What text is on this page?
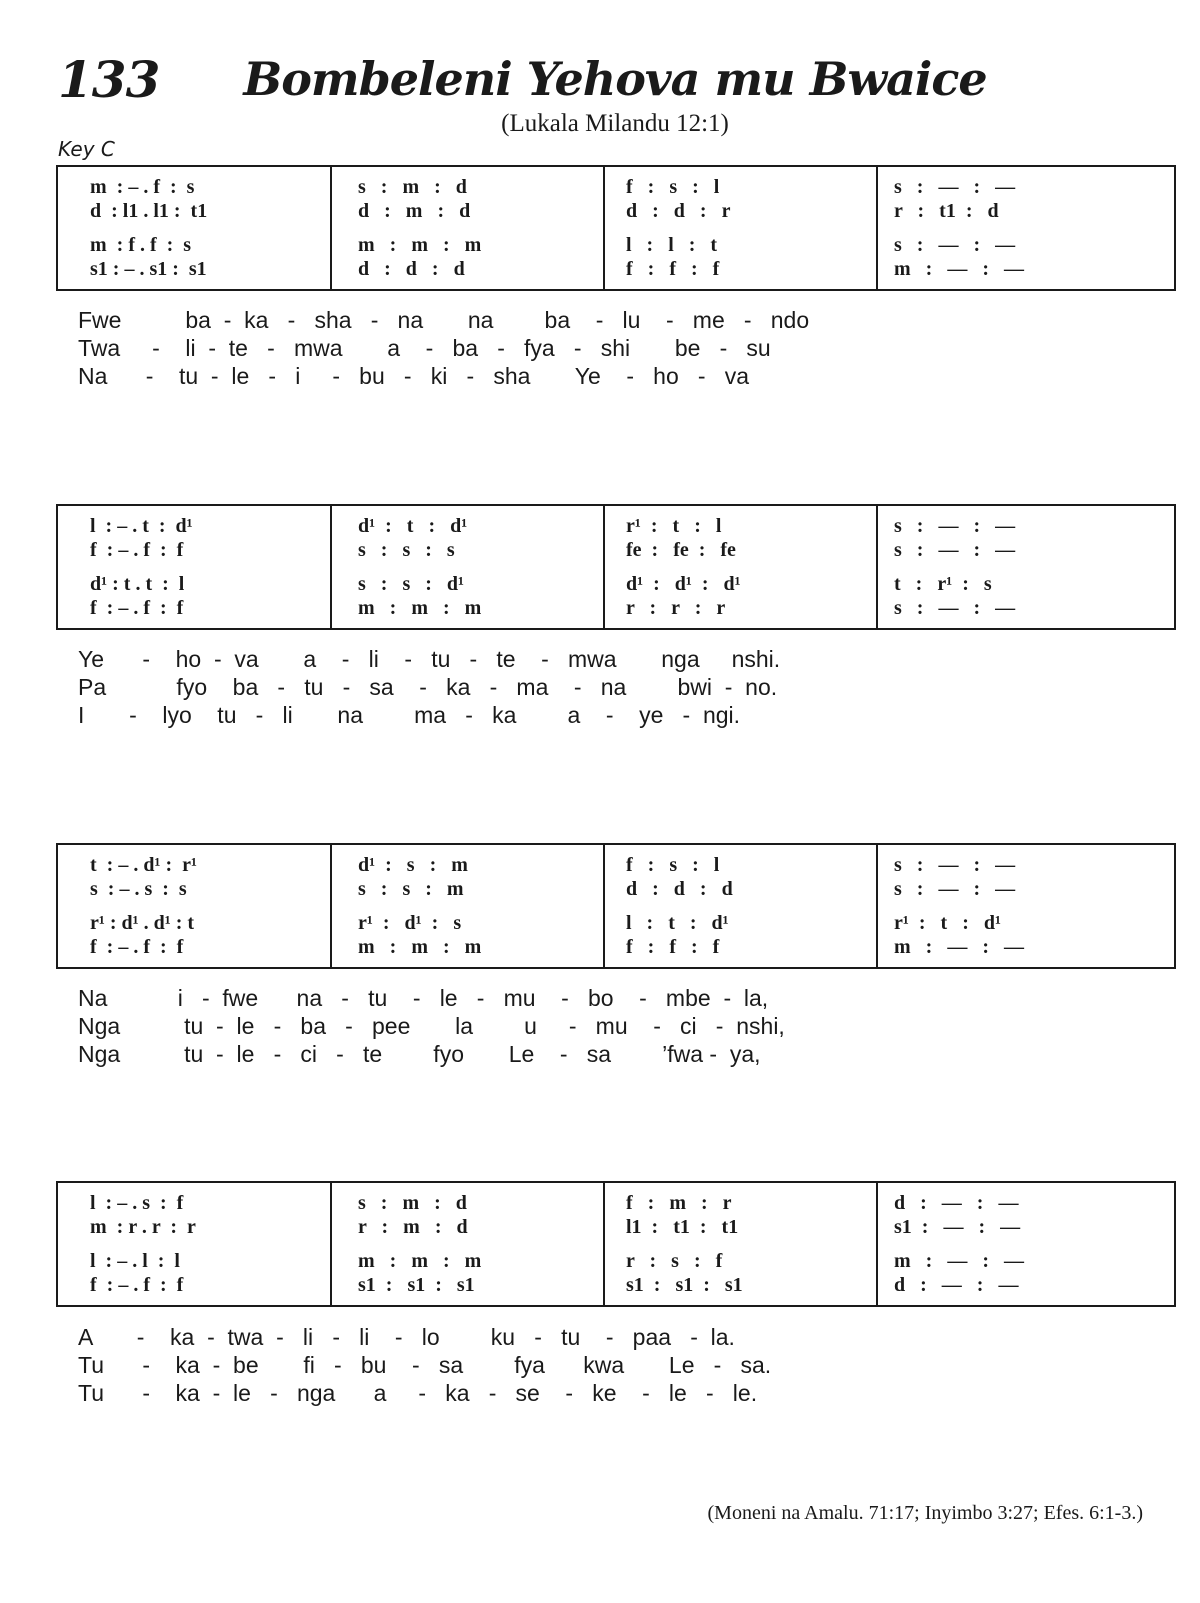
133 Bombeleni Yehova mu Bwaice
(Lukala Milandu 12:1)
Key C
m  : – . f  :  s
d  : l1 . l1 :  t1
m  : f . f  :  s
s1 : – . s1 :  s1
s   :   m   :   d
d   :   m   :   d
m   :   m   :   m
d   :   d   :   d
f   :   s   :   l
d   :   d   :   r
l   :   l   :   t
f   :   f   :   f
s   :   —   :   —
r   :   t1  :   d
s   :   —   :   —
m   :   —   :   —
Fwe          ba  -  ka   -   sha   -   na       na        ba    -   lu    -   me   -   ndo
Twa     -    li  -  te   -   mwa       a    -   ba   -   fya   -   shi       be   -   su
Na      -    tu  -  le   -   i     -   bu   -   ki   -   sha       Ye    -   ho   -   va
l  : – . t  :  d¹
f  : – . f  :  f
d¹ : t . t  :  l
f  : – . f  :  f
d¹  :   t   :   d¹
s   :   s   :   s
s   :   s   :   d¹
m   :   m   :   m
r¹  :   t   :   l
fe  :   fe  :   fe
d¹  :   d¹  :   d¹
r   :   r   :   r
s   :   —   :   —
s   :   —   :   —
t   :   r¹  :   s
s   :   —   :   —
Ye      -    ho  -  va       a    -   li    -   tu   -   te    -   mwa       nga     nshi.
Pa           fyo    ba   -   tu   -   sa    -   ka   -   ma    -   na        bwi  -  no.
I       -    lyo    tu   -   li       na        ma   -   ka        a    -    ye   -  ngi.
t  : – . d¹ :  r¹
s  : – . s  :  s
r¹ : d¹ . d¹ : t
f  : – . f  :  f
d¹  :   s   :   m
s   :   s   :   m
r¹  :   d¹  :   s
m   :   m   :   m
f   :   s   :   l
d   :   d   :   d
l   :   t   :   d¹
f   :   f   :   f
s   :   —   :   —
s   :   —   :   —
r¹  :   t   :   d¹
m   :   —   :   —
Na           i   -  fwe      na   -   tu    -   le   -   mu    -   bo    -   mbe  -  la,
Nga          tu  -  le   -   ba   -   pee       la        u     -   mu    -   ci   -  nshi,
Nga          tu  -  le   -   ci   -   te        fyo       Le    -   sa        ’fwa -  ya,
l  : – . s  :  f
m  : r . r  :  r
l  : – . l  :  l
f  : – . f  :  f
s   :   m   :   d
r   :   m   :   d
m   :   m   :   m
s1  :   s1  :   s1
f   :   m   :   r
l1  :   t1  :   t1
r   :   s   :   f
s1  :   s1  :   s1
d   :   —   :   —
s1  :   —   :   —
m   :   —   :   —
d   :   —   :   —
A       -    ka  -  twa  -   li   -   li    -   lo        ku   -   tu    -   paa   -  la.
Tu      -    ka  -  be       fi   -   bu    -   sa        fya      kwa       Le   -   sa.
Tu      -    ka  -  le   -   nga      a     -   ka   -   se    -   ke    -   le   -   le.
(Moneni na Amalu. 71:17; Inyimbo 3:27; Efes. 6:1-3.)
